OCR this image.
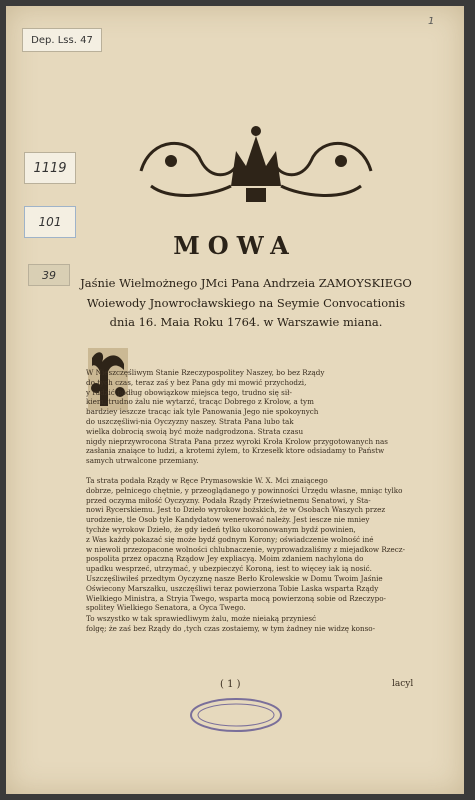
1
Dep. Lss. 47
1119
101
39
MOWA
Jaśnie Wielmożnego JMci Pana Andrzeia ZAMOYSKIEGO
Woiewody Jnowrocławskiego na Seymie Convocationis
dnia 16. Maia Roku 1764. w Warszawie miana.
W Nieszczęśliwym Stanie Rzeczypospolitey Naszey, bo bez Rządy
do tych czas, teraz zaś y bez Pana gdy mi mowić przychodzi,
y radzić podług obowiązkow miejsca tego, trudno się sił-
kiem, trudno żalu nie wytarzć, tracąc Dobrego z Krolow, a tym
bardziey ieszcze tracąc iak tyle Panowania Jego nie spokoynych
do uszczęśliwi-nia Oyczyzny naszey. Strata Pana lubo tak
wielka dobrocią swoią być może nadgrodzona. Strata czasu
nigdy nieprzywrocona Strata Pana przez wyroki Kroła Krolow przygotowanych nas
zasłania znaiące to ludzi, a krotemi żylem, to Krzesełk ktore odsiadamy to Państw
samych utrwalcone przemiany.
Ta strata podała Rządy w Ręce Prymasowskie W. X. Mci znaiącego
dobrze, pełnicego chętnie, y przeoglądanego y powinności Urzędu własne, mniąc tylko
przed oczyma miłość Oyczyzny. Podała Rządy Prześwietnemu Senatowi, y Sta-
nowi Rycerskiemu. Jest to Dzieło wyrokow bożskich, że w Osobach Waszych przez
urodzenie, tle Osob tyle Kandydatow wenerować należy. Jest iescze nie mniey
tychże wyrokow Dzieło, że gdy iedeń tylko ukoronowanym bydź powinien,
z Was każdy pokazać się może bydź godnym Korony; oświadczenie wolność iné
w niewoli przezopacone wolności chlubnaczenie, wyprowadzaliśmy z miejadkow Rzecz-
pospolita przez opaczną Rządow Jey expliacyą. Moim zdaniem nachylona do
upadku wesprzeć, utrzymać, y ubezpieczyć Koroną, iest to więcey iak ią nosić.
Uszczęśliwiłeś przedtym Oyczyznę nasze Berło Krolewskie w Domu Twoim Jaśnie
Oświecony Marszałku, uszczęśliwi teraz powierzona Tobie Laska wsparta Rządy
Wielkiego Ministra, a Stryia Twego, wsparta mocą powierzoną sobie od Rzeczypo-
spolitey Wielkiego Senatora, a Oyca Twego.
To wszystko w tak sprawiedliwym żalu, może nieiaką przyniesć
folgę; że zaś bez Rządy do ,tych czas zostaiemy, w tym żadney nie widzę konso-
( 1 )	lacyl
